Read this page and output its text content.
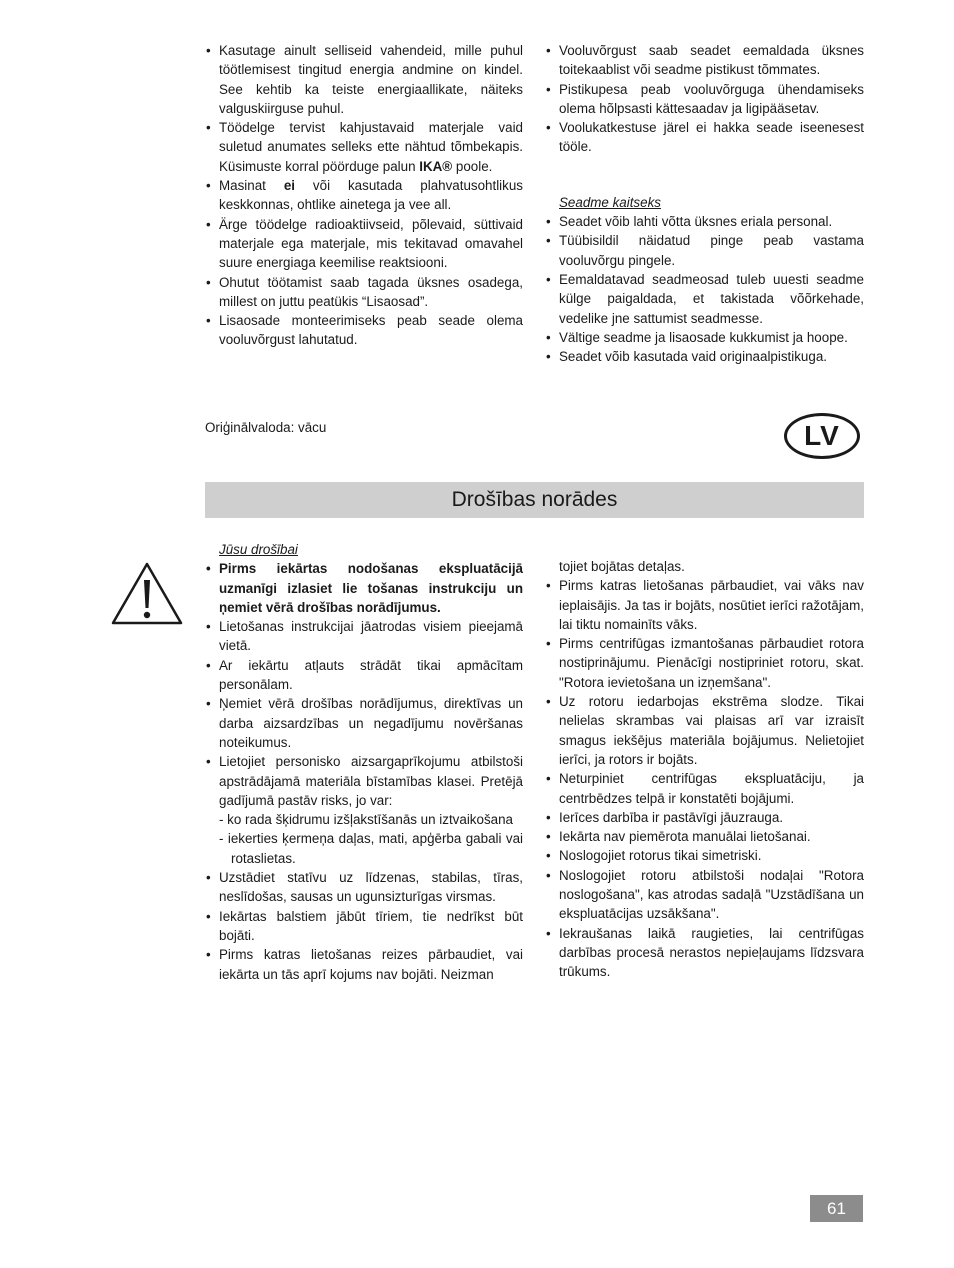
• Kasutage ainult selliseid vahendeid, mille puhul töötlemisest tingitud energia andmine on kindel. See kehtib ka teiste energiaallikate, näiteks valguskiirguse puhul.
• Töödelge tervist kahjustavaid materjale vaid suletud anumates selleks ette nähtud tõmbekapis. Küsimuste korral pöörduge palun IKA® poole.
• Masinat ei või kasutada plahvatusohtlikus keskkonnas, ohtlike ainetega ja vee all.
• Ärge töödelge radioaktiivseid, põlevaid, süttivaid materjale ega materjale, mis tekitavad omavahel suure energiaga keemilise reaktsiooni.
• Ohutut töötamist saab tagada üksnes osadega, millest on juttu peatükis “Lisaosad”.
• Lisaosade monteerimiseks peab seade olema vooluvõrgust lahutatud.
• Vooluvõrgust saab seadet eemaldada üksnes toitekaablist või seadme pistikust tõmmates.
• Pistikupesa peab vooluvõrguga ühendamiseks olema hõlpsasti kättesaadav ja ligipääsetav.
• Voolukatkestuse järel ei hakka seade iseenesest tööle.
Seadme kaitseks
• Seadet võib lahti võtta üksnes eriala personal.
• Tüübisildil näidatud pinge peab vastama vooluvõrgu pingele.
• Eemaldatavad seadmeosad tuleb uuesti seadme külge paigaldada, et takistada võõrkehade, vedelike jne sattumist seadmesse.
• Vältige seadme ja lisaosade kukkumist ja hoope.
• Seadet võib kasutada vaid originaalpistikuga.
Oriģinālvaloda: vācu	LV
Drošības norādes
Jūsu drošībai
• Pirms iekārtas nodošanas ekspluatācijā uzmanīgi izlasiet lie tošanas instrukciju un ņemiet vērā drošības norādījumus.
• Lietošanas instrukcijai jāatrodas visiem pieejamā vietā.
• Ar iekārtu atļauts strādāt tikai apmācītam personālam.
• Ņemiet vērā drošības norādījumus, direktīvas un darba aizsardzības un negadījumu novēršanas noteikumus.
• Lietojiet personisko aizsargaprīkojumu atbilstoši apstrādājamā materiāla bīstamības klasei. Pretējā gadījumā pastāv risks, jo var:
- ko rada šķidrumu izšļakstīšanās un iztvaikošana
- iekerties ķermeņa daļas, mati, apģērba gabali vai rotaslietas.
• Uzstādiet statīvu uz līdzenas, stabilas, tīras, neslīdošas, sausas un ugunsizturīgas virsmas.
• Iekārtas balstiem jābūt tīriem, tie nedrīkst būt bojāti.
• Pirms katras lietošanas reizes pārbaudiet, vai iekārta un tās aprī kojums nav bojāti. Neizman
tojiet bojātas detaļas.
• Pirms katras lietošanas pārbaudiet, vai vāks nav ieplaisājis. Ja tas ir bojāts, nosūtiet ierīci ražotājam, lai tiktu nomainīts vāks.
• Pirms centrifūgas izmantošanas pārbaudiet rotora nostiprinājumu. Pienācīgi nostipriniet rotoru, skat. "Rotora ievietošana un izņemšana".
• Uz rotoru iedarbojas ekstrēma slodze. Tikai nelielas skrambas vai plaisas arī var izraisīt smagus iekšējus materiāla bojājumus. Nelietojiet ierīci, ja rotors ir bojāts.
• Neturpiniet centrifūgas ekspluatāciju, ja centrbēdzes telpā ir konstatēti bojājumi.
• Ierīces darbība ir pastāvīgi jāuzrauga.
• Iekārta nav piemērota manuālai lietošanai.
• Noslogojiet rotorus tikai simetriski.
• Noslogojiet rotoru atbilstoši nodaļai "Rotora noslogošana", kas atrodas sadaļā "Uzstādīšana un ekspluatācijas uzsākšana".
• Iekraušanas laikā raugieties, lai centrifūgas darbības procesā nerastos nepieļaujams līdzsvara trūkums.
61
